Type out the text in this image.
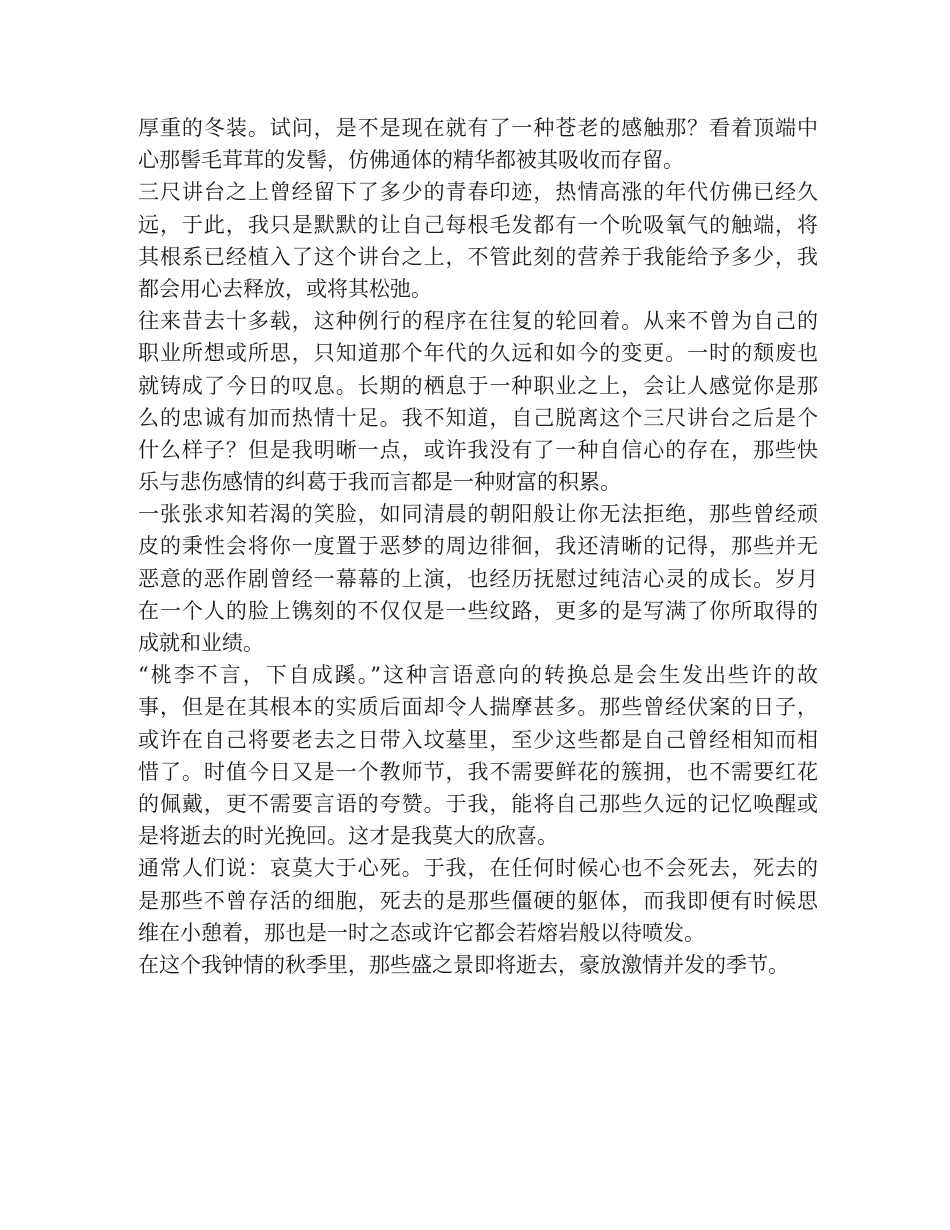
厚重的冬装。试问，是不是现在就有了一种苍老的感触那？看着顶端中
心那髻毛茸茸的发髻，仿佛通体的精华都被其吸收而存留。
三尺讲台之上曾经留下了多少的青春印迹，热情高涨的年代仿佛已经久
远，于此，我只是默默的让自己每根毛发都有一个吮吸氧气的触端，将
其根系已经植入了这个讲台之上，不管此刻的营养于我能给予多少，我
都会用心去释放，或将其松弛。
往来昔去十多载，这种例行的程序在往复的轮回着。从来不曾为自己的
职业所想或所思，只知道那个年代的久远和如今的变更。一时的颓废也
就铸成了今日的叹息。长期的栖息于一种职业之上，会让人感觉你是那
么的忠诚有加而热情十足。我不知道，自己脱离这个三尺讲台之后是个
什么样子？但是我明晰一点，或许我没有了一种自信心的存在，那些快
乐与悲伤感情的纠葛于我而言都是一种财富的积累。
一张张求知若渴的笑脸，如同清晨的朝阳般让你无法拒绝，那些曾经顽
皮的秉性会将你一度置于恶梦的周边徘徊，我还清晰的记得，那些并无
恶意的恶作剧曾经一幕幕的上演，也经历抚慰过纯洁心灵的成长。岁月
在一个人的脸上镌刻的不仅仅是一些纹路，更多的是写满了你所取得的
成就和业绩。
“桃李不言，下自成蹊。”这种言语意向的转换总是会生发出些许的故
事，但是在其根本的实质后面却令人揣摩甚多。那些曾经伏案的日子，
或许在自己将要老去之日带入坟墓里，至少这些都是自己曾经相知而相
惜了。时值今日又是一个教师节，我不需要鲜花的簇拥，也不需要红花
的佩戴，更不需要言语的夸赞。于我，能将自己那些久远的记忆唤醒或
是将逝去的时光挽回。这才是我莫大的欣喜。
通常人们说：哀莫大于心死。于我，在任何时候心也不会死去，死去的
是那些不曾存活的细胞，死去的是那些僵硬的躯体，而我即便有时候思
维在小憩着，那也是一时之态或许它都会若熔岩般以待喷发。
在这个我钟情的秋季里，那些盛之景即将逝去，豪放激情并发的季节。
